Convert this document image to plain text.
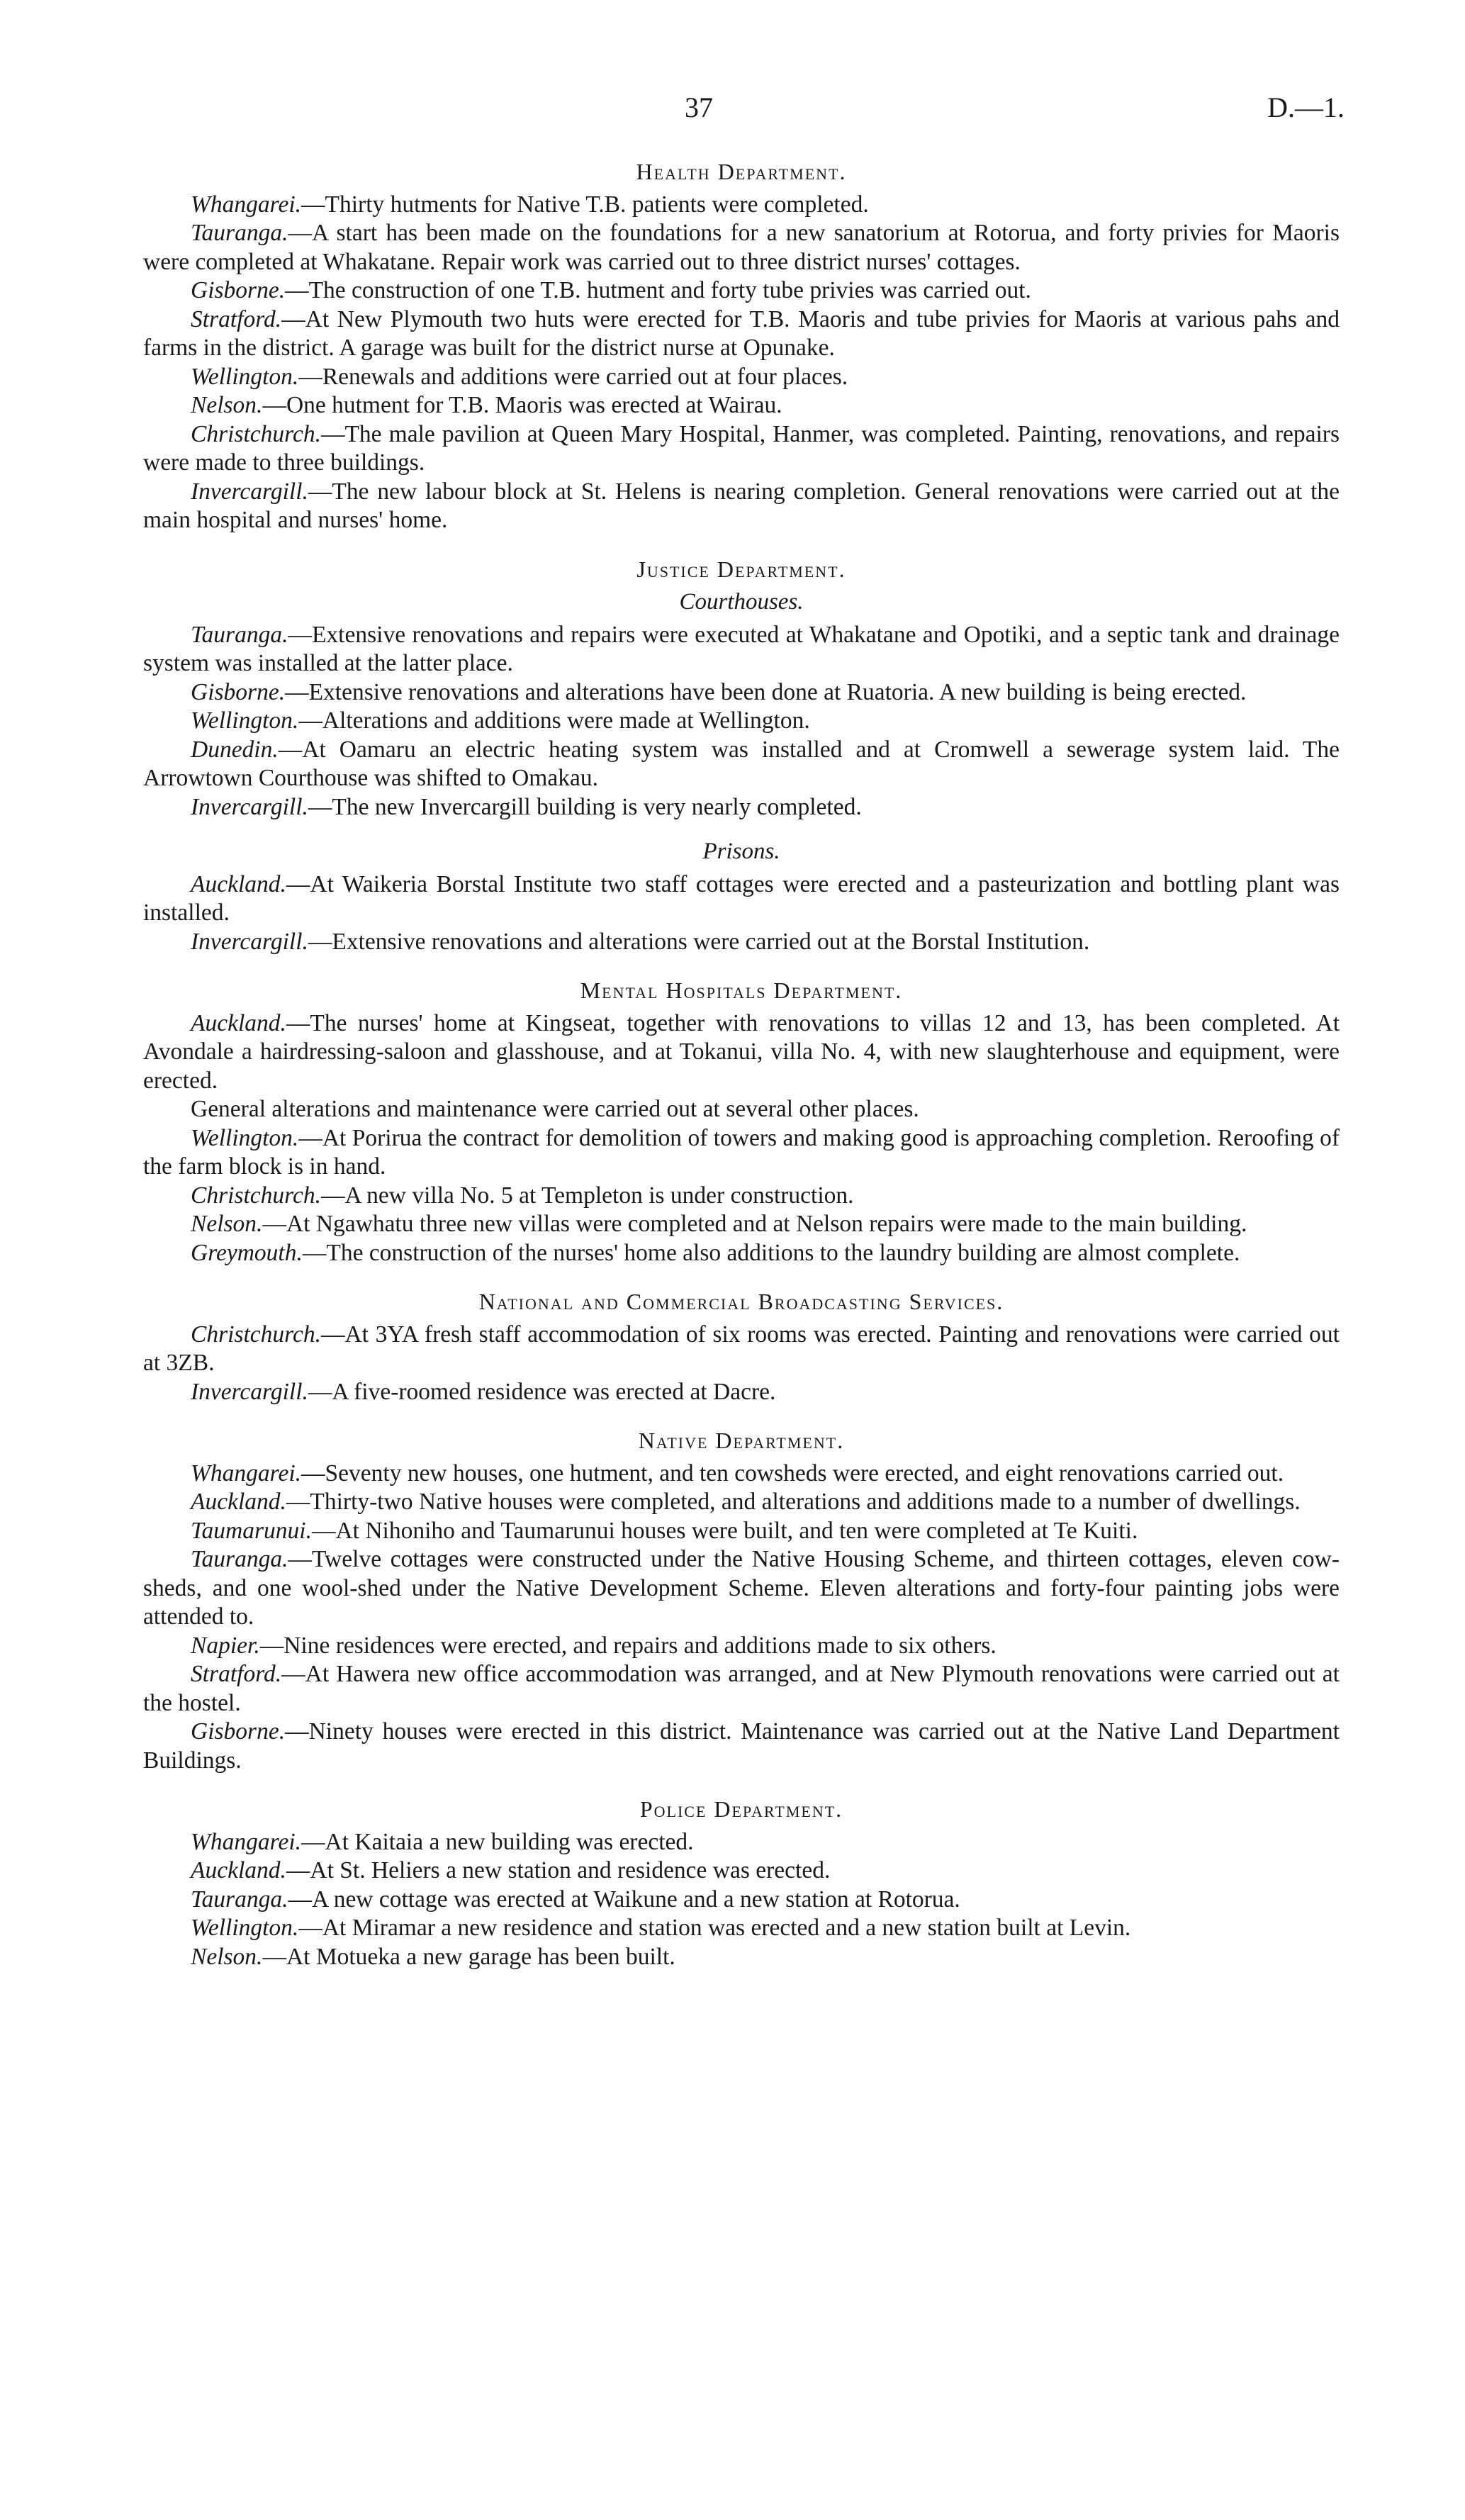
37	D.—1.
Health Department.

Whangarei.—Thirty hutments for Native T.B. patients were completed.

Tauranga.—A start has been made on the foundations for a new sanatorium at Rotorua, and forty privies for Maoris were completed at Whakatane. Repair work was carried out to three district nurses' cottages.

Gisborne.—The construction of one T.B. hutment and forty tube privies was carried out.

Stratford.—At New Plymouth two huts were erected for T.B. Maoris and tube privies for Maoris at various pahs and farms in the district. A garage was built for the district nurse at Opunake.

Wellington.—Renewals and additions were carried out at four places.

Nelson.—One hutment for T.B. Maoris was erected at Wairau.

Christchurch.—The male pavilion at Queen Mary Hospital, Hanmer, was completed. Painting, renovations, and repairs were made to three buildings.

Invercargill.—The new labour block at St. Helens is nearing completion. General renovations were carried out at the main hospital and nurses' home.

Justice Department.
Courthouses.

Tauranga.—Extensive renovations and repairs were executed at Whakatane and Opotiki, and a septic tank and drainage system was installed at the latter place.

Gisborne.—Extensive renovations and alterations have been done at Ruatoria. A new building is being erected.

Wellington.—Alterations and additions were made at Wellington.

Dunedin.—At Oamaru an electric heating system was installed and at Cromwell a sewerage system laid. The Arrowtown Courthouse was shifted to Omakau.

Invercargill.—The new Invercargill building is very nearly completed.

Prisons.

Auckland.—At Waikeria Borstal Institute two staff cottages were erected and a pasteurization and bottling plant was installed.

Invercargill.—Extensive renovations and alterations were carried out at the Borstal Institution.

Mental Hospitals Department.

Auckland.—The nurses' home at Kingseat, together with renovations to villas 12 and 13, has been completed. At Avondale a hairdressing-saloon and glasshouse, and at Tokanui, villa No. 4, with new slaughterhouse and equipment, were erected.

General alterations and maintenance were carried out at several other places.

Wellington.—At Porirua the contract for demolition of towers and making good is approaching completion. Reroofing of the farm block is in hand.

Christchurch.—A new villa No. 5 at Templeton is under construction.

Nelson.—At Ngawhatu three new villas were completed and at Nelson repairs were made to the main building.

Greymouth.—The construction of the nurses' home also additions to the laundry building are almost complete.

National and Commercial Broadcasting Services.

Christchurch.—At 3YA fresh staff accommodation of six rooms was erected. Painting and renovations were carried out at 3ZB.

Invercargill.—A five-roomed residence was erected at Dacre.

Native Department.

Whangarei.—Seventy new houses, one hutment, and ten cowsheds were erected, and eight renovations carried out.

Auckland.—Thirty-two Native houses were completed, and alterations and additions made to a number of dwellings.

Taumarunui.—At Nihoniho and Taumarunui houses were built, and ten were completed at Te Kuiti.

Tauranga.—Twelve cottages were constructed under the Native Housing Scheme, and thirteen cottages, eleven cow-sheds, and one wool-shed under the Native Development Scheme. Eleven alterations and forty-four painting jobs were attended to.

Napier.—Nine residences were erected, and repairs and additions made to six others.

Stratford.—At Hawera new office accommodation was arranged, and at New Plymouth renovations were carried out at the hostel.

Gisborne.—Ninety houses were erected in this district. Maintenance was carried out at the Native Land Department Buildings.

Police Department.

Whangarei.—At Kaitaia a new building was erected.

Auckland.—At St. Heliers a new station and residence was erected.

Tauranga.—A new cottage was erected at Waikune and a new station at Rotorua.

Wellington.—At Miramar a new residence and station was erected and a new station built at Levin.

Nelson.—At Motueka a new garage has been built.
